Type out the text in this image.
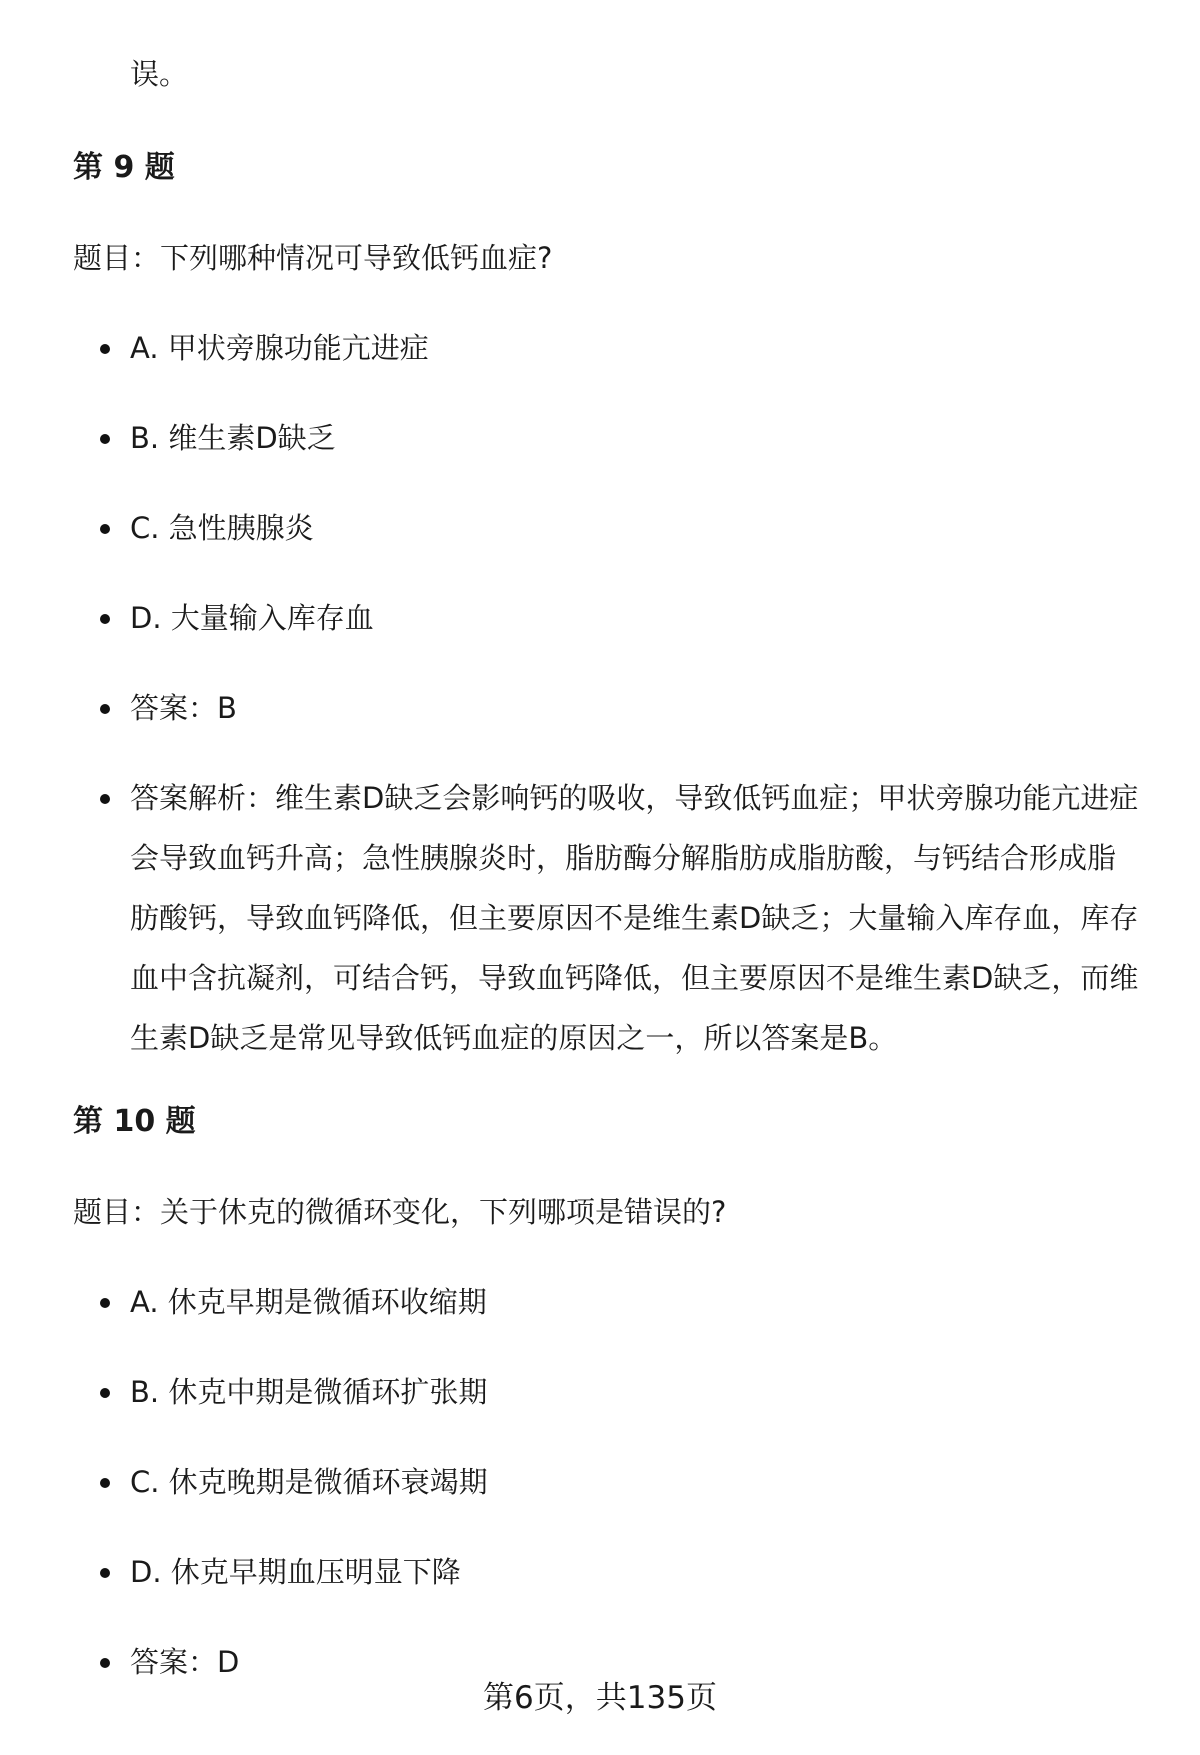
误。

第 9 题

题目：下列哪种情况可导致低钙血症?

A. 甲状旁腺功能亢进症
B. 维生素D缺乏
C. 急性胰腺炎
D. 大量输入库存血
答案：B
答案解析：维生素D缺乏会影响钙的吸收，导致低钙血症；甲状旁腺功能亢进症会导致血钙升高；急性胰腺炎时，脂肪酶分解脂肪成脂肪酸，与钙结合形成脂肪酸钙，导致血钙降低，但主要原因不是维生素D缺乏；大量输入库存血，库存血中含抗凝剂，可结合钙，导致血钙降低，但主要原因不是维生素D缺乏，而维生素D缺乏是常见导致低钙血症的原因之一，所以答案是B。
第 10 题

题目：关于休克的微循环变化，下列哪项是错误的?

A. 休克早期是微循环收缩期
B. 休克中期是微循环扩张期
C. 休克晚期是微循环衰竭期
D. 休克早期血压明显下降
答案：D

第6页，共135页
